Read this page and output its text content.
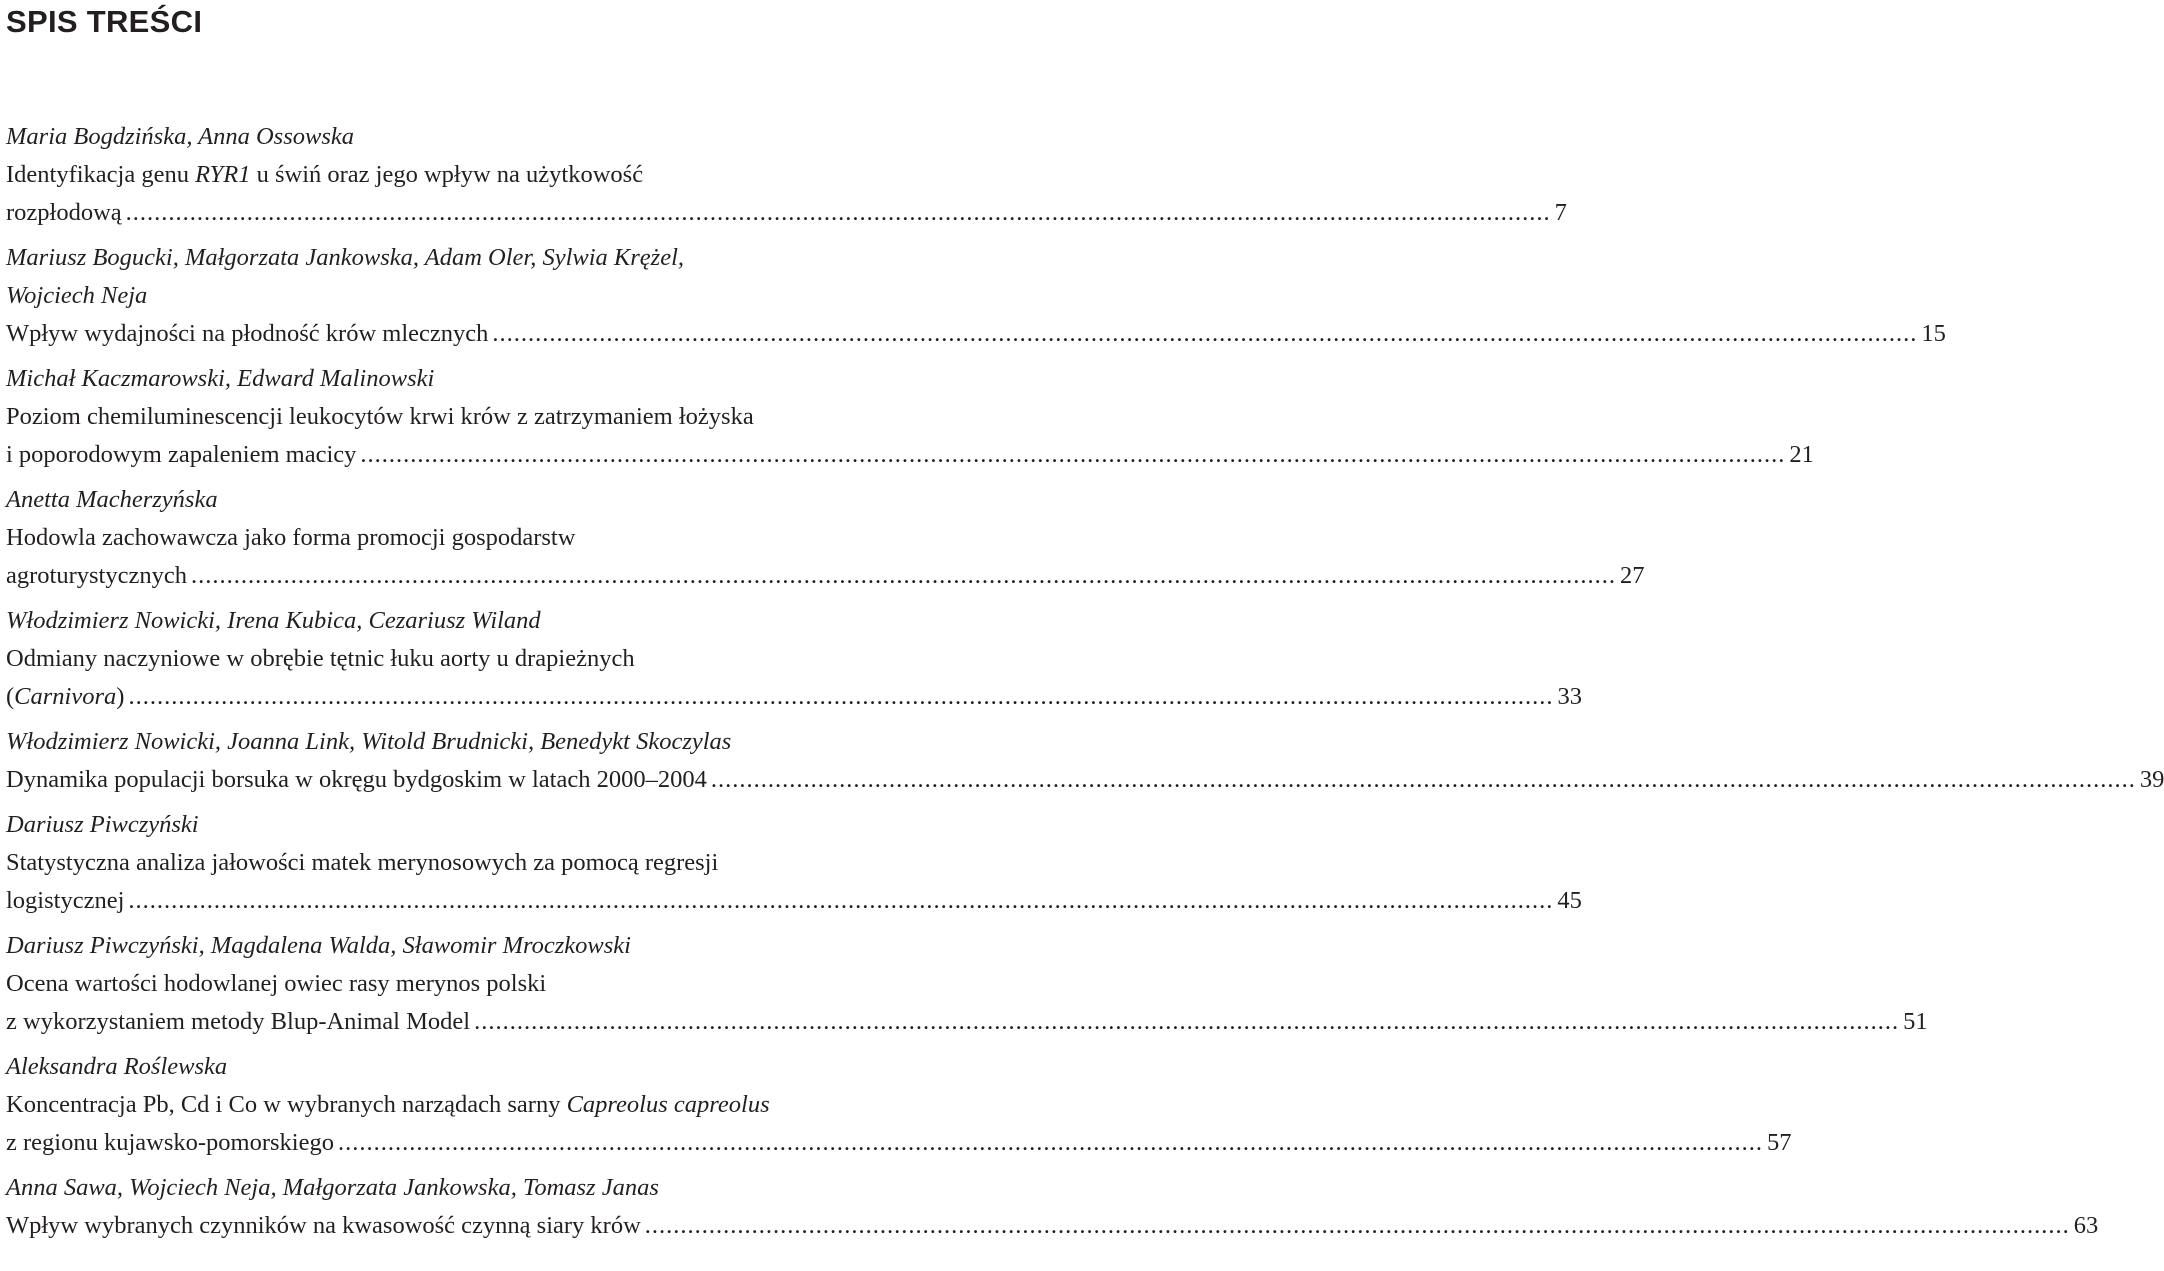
SPIS TREŚCI
Maria Bogdzińska, Anna Ossowska
Identyfikacja genu RYR1 u świń oraz jego wpływ na użytkowość
rozpłodową ........................................................................................................................................................................................................ 7
Mariusz Bogucki, Małgorzata Jankowska, Adam Oler, Sylwia Krężel,
Wojciech Neja
Wpływ wydajności na płodność krów mlecznych ........................................................................................................................................................................................................ 15
Michał Kaczmarowski, Edward Malinowski
Poziom chemiluminescencji leukocytów krwi krów z zatrzymaniem łożyska
i poporodowym zapaleniem macicy ........................................................................................................................................................................................................ 21
Anetta Macherzyńska
Hodowla zachowawcza jako forma promocji gospodarstw
agroturystycznych ........................................................................................................................................................................................................ 27
Włodzimierz Nowicki, Irena Kubica, Cezariusz Wiland
Odmiany naczyniowe w obrębie tętnic łuku aorty u drapieżnych
(Carnivora) ........................................................................................................................................................................................................ 33
Włodzimierz Nowicki, Joanna Link, Witold Brudnicki, Benedykt Skoczylas
Dynamika populacji borsuka w okręgu bydgoskim w latach 2000–2004 ........................................................................................................................................................................................................ 39
Dariusz Piwczyński
Statystyczna analiza jałowości matek merynosowych za pomocą regresji
logistycznej ........................................................................................................................................................................................................ 45
Dariusz Piwczyński, Magdalena Walda, Sławomir Mroczkowski
Ocena wartości hodowlanej owiec rasy merynos polski
z wykorzystaniem metody Blup-Animal Model ........................................................................................................................................................................................................ 51
Aleksandra Roślewska
Koncentracja Pb, Cd i Co w wybranych narządach sarny Capreolus capreolus
z regionu kujawsko-pomorskiego ........................................................................................................................................................................................................ 57
Anna Sawa, Wojciech Neja, Małgorzata Jankowska, Tomasz Janas
Wpływ wybranych czynników na kwasowość czynną siary krów ........................................................................................................................................................................................................ 63
